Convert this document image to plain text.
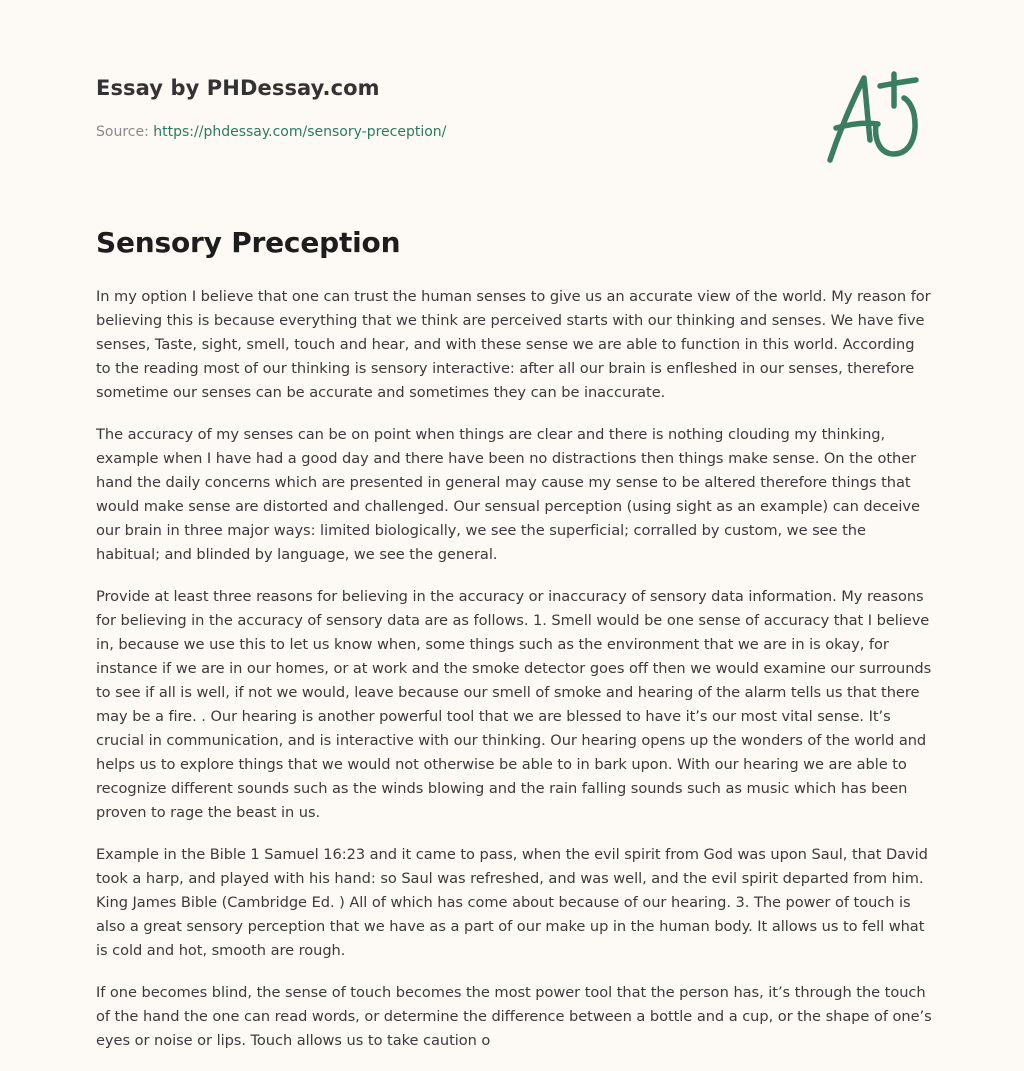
Essay by PHDessay.com
Source: https://phdessay.com/sensory-preception/
Sensory Preception

In my option I believe that one can trust the human senses to give us an accurate view of the world. My reason for believing this is because everything that we think are perceived starts with our thinking and senses. We have five senses, Taste, sight, smell, touch and hear, and with these sense we are able to function in this world. According to the reading most of our thinking is sensory interactive: after all our brain is enfleshed in our senses, therefore sometime our senses can be accurate and sometimes they can be inaccurate.

The accuracy of my senses can be on point when things are clear and there is nothing clouding my thinking, example when I have had a good day and there have been no distractions then things make sense. On the other hand the daily concerns which are presented in general may cause my sense to be altered therefore things that would make sense are distorted and challenged. Our sensual perception (using sight as an example) can deceive our brain in three major ways: limited biologically, we see the superficial; corralled by custom, we see the habitual; and blinded by language, we see the general.

Provide at least three reasons for believing in the accuracy or inaccuracy of sensory data information. My reasons for believing in the accuracy of sensory data are as follows. 1. Smell would be one sense of accuracy that I believe in, because we use this to let us know when, some things such as the environment that we are in is okay, for instance if we are in our homes, or at work and the smoke detector goes off then we would examine our surrounds to see if all is well, if not we would, leave because our smell of smoke and hearing of the alarm tells us that there may be a fire. . Our hearing is another powerful tool that we are blessed to have it’s our most vital sense. It’s crucial in communication, and is interactive with our thinking. Our hearing opens up the wonders of the world and helps us to explore things that we would not otherwise be able to in bark upon. With our hearing we are able to recognize different sounds such as the winds blowing and the rain falling sounds such as music which has been proven to rage the beast in us.

Example in the Bible 1 Samuel 16:23 and it came to pass, when the evil spirit from God was upon Saul, that David took a harp, and played with his hand: so Saul was refreshed, and was well, and the evil spirit departed from him. King James Bible (Cambridge Ed. ) All of which has come about because of our hearing. 3. The power of touch is also a great sensory perception that we have as a part of our make up in the human body. It allows us to fell what is cold and hot, smooth are rough.

If one becomes blind, the sense of touch becomes the most power tool that the person has, it’s through the touch of the hand the one can read words, or determine the difference between a bottle and a cup, or the shape of one’s eyes or noise or lips. Touch allows us to take caution o
